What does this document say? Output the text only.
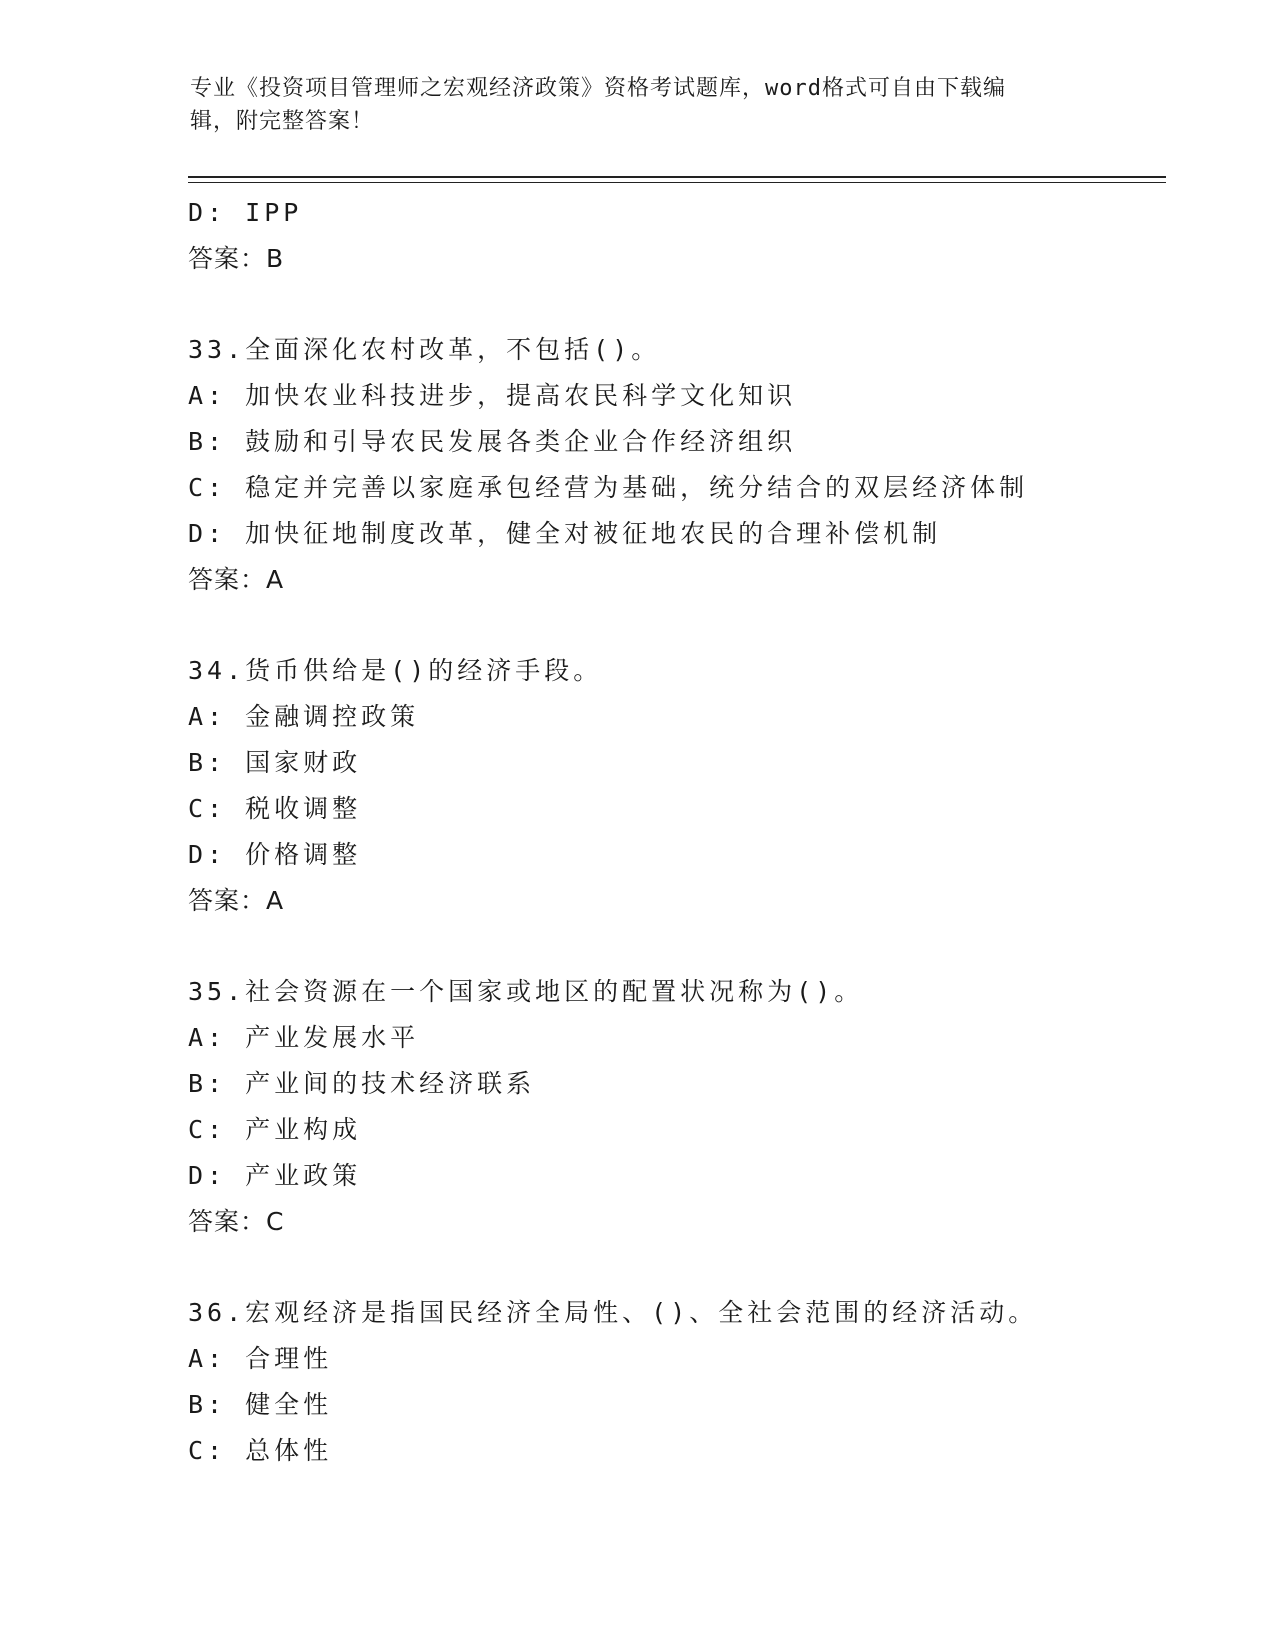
专业《投资项目管理师之宏观经济政策》资格考试题库，word格式可自由下载编
辑，附完整答案！
D: IPP
答案：B
33.全面深化农村改革，不包括()。
A: 加快农业科技进步，提高农民科学文化知识
B: 鼓励和引导农民发展各类企业合作经济组织
C: 稳定并完善以家庭承包经营为基础，统分结合的双层经济体制
D: 加快征地制度改革，健全对被征地农民的合理补偿机制
答案：A
34.货币供给是()的经济手段。
A: 金融调控政策
B: 国家财政
C: 税收调整
D: 价格调整
答案：A
35.社会资源在一个国家或地区的配置状况称为()。
A: 产业发展水平
B: 产业间的技术经济联系
C: 产业构成
D: 产业政策
答案：C
36.宏观经济是指国民经济全局性、()、全社会范围的经济活动。
A: 合理性
B: 健全性
C: 总体性
